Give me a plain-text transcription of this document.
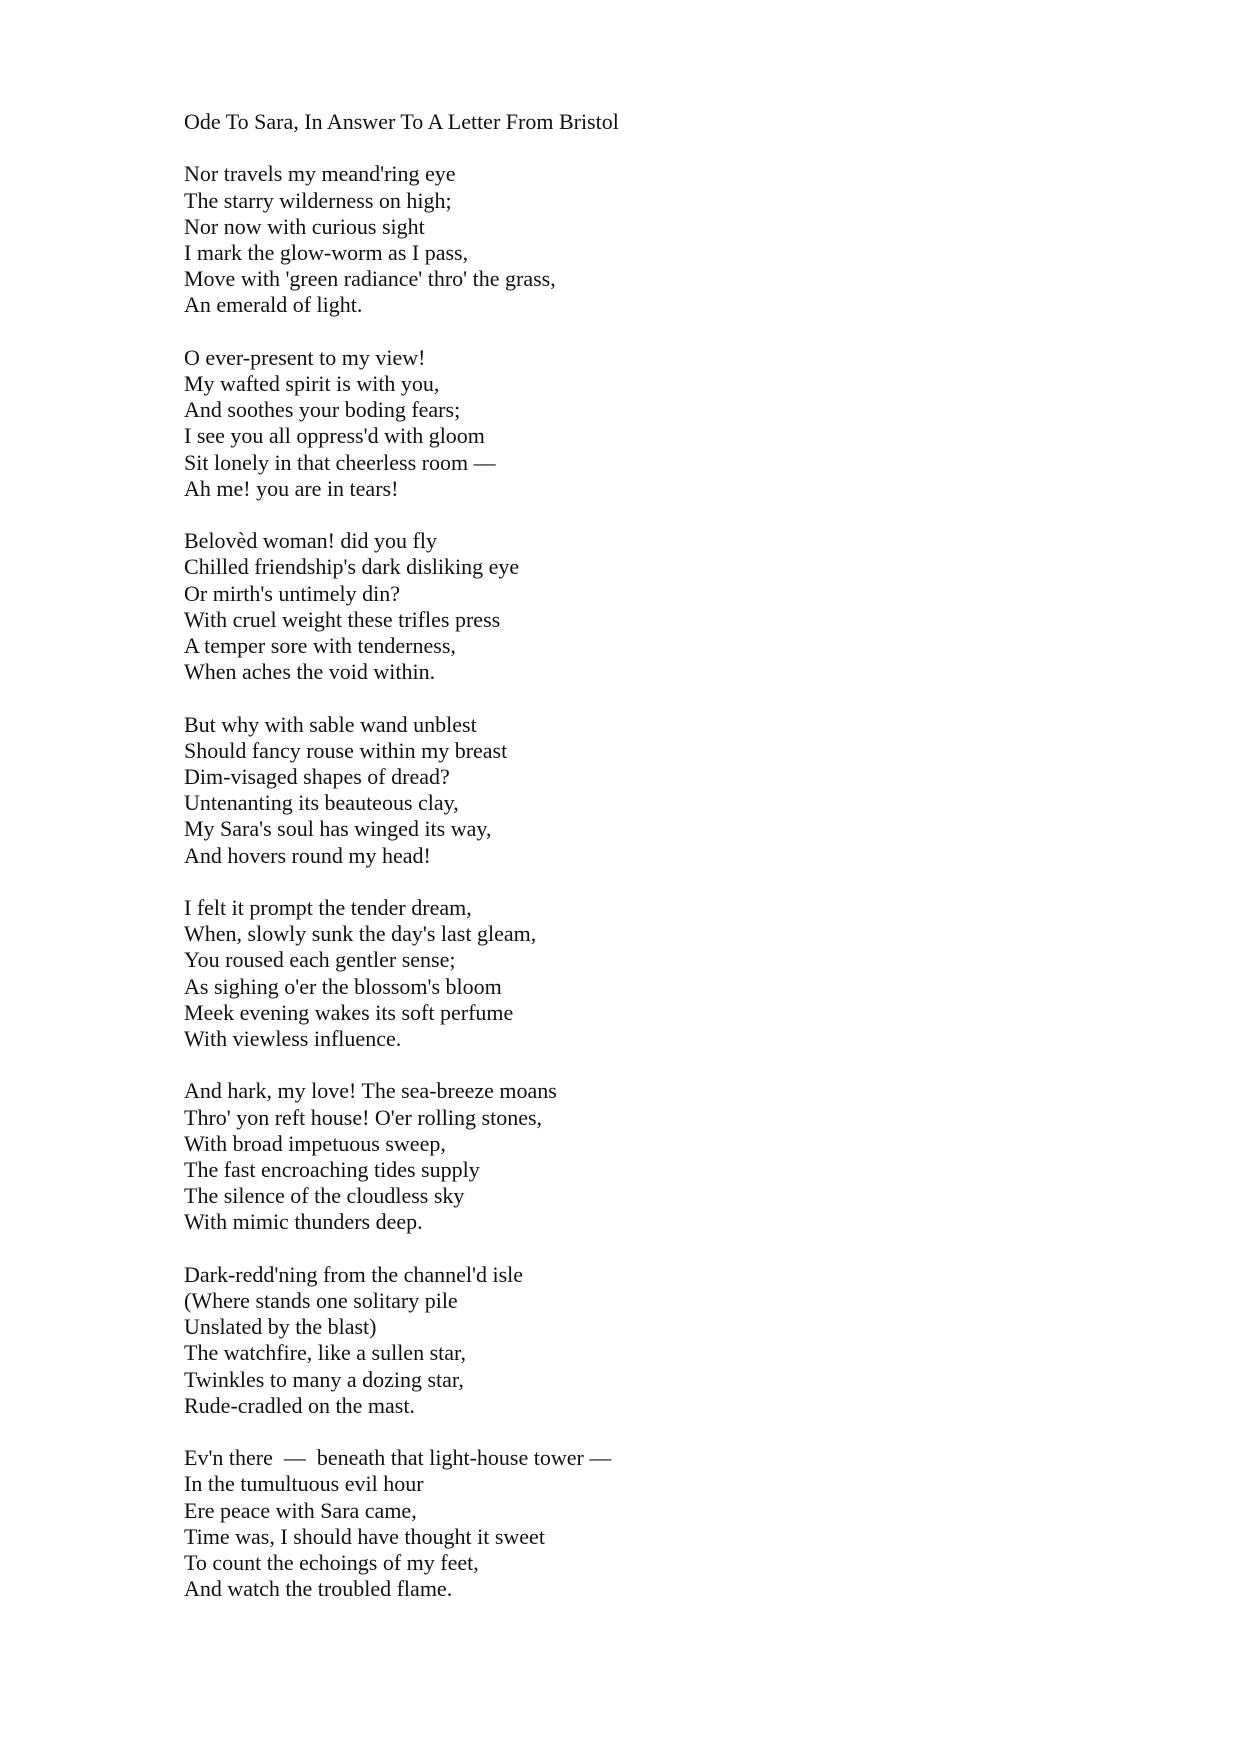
Ode To Sara, In Answer To A Letter From Bristol
Nor travels my meand'ring eye
The starry wilderness on high;
Nor now with curious sight
I mark the glow-worm as I pass,
Move with 'green radiance' thro' the grass,
An emerald of light.
O ever-present to my view!
My wafted spirit is with you,
And soothes your boding fears;
I see you all oppress'd with gloom
Sit lonely in that cheerless room —
Ah me! you are in tears!
Belovèd woman! did you fly
Chilled friendship's dark disliking eye
Or mirth's untimely din?
With cruel weight these trifles press
A temper sore with tenderness,
When aches the void within.
But why with sable wand unblest
Should fancy rouse within my breast
Dim-visaged shapes of dread?
Untenanting its beauteous clay,
My Sara's soul has winged its way,
And hovers round my head!
I felt it prompt the tender dream,
When, slowly sunk the day's last gleam,
You roused each gentler sense;
As sighing o'er the blossom's bloom
Meek evening wakes its soft perfume
With viewless influence.
And hark, my love! The sea-breeze moans
Thro' yon reft house! O'er rolling stones,
With broad impetuous sweep,
The fast encroaching tides supply
The silence of the cloudless sky
With mimic thunders deep.
Dark-redd'ning from the channel'd isle
(Where stands one solitary pile
Unslated by the blast)
The watchfire, like a sullen star,
Twinkles to many a dozing star,
Rude-cradled on the mast.
Ev'n there  —  beneath that light-house tower —
In the tumultuous evil hour
Ere peace with Sara came,
Time was, I should have thought it sweet
To count the echoings of my feet,
And watch the troubled flame.
